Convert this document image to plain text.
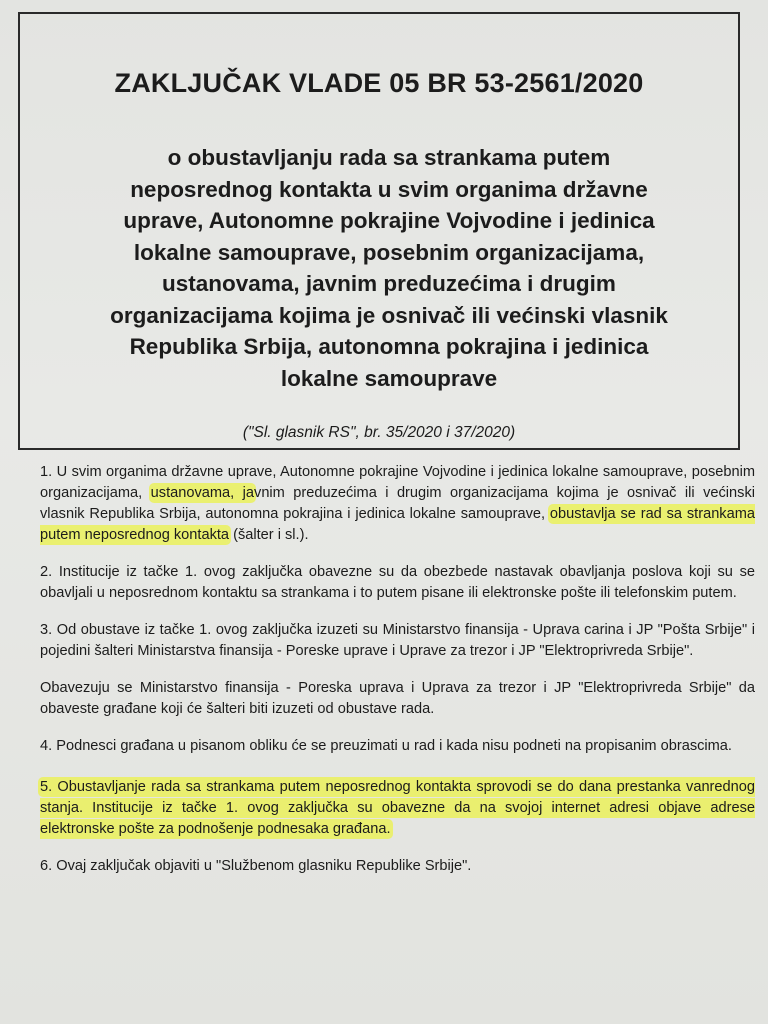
ZAKLJUČAK VLADE 05 BR 53-2561/2020
o obustavljanju rada sa strankama putem
neposrednog kontakta u svim organima državne
uprave, Autonomne pokrajine Vojvodine i jedinica
lokalne samouprave, posebnim organizacijama,
ustanovama, javnim preduzećima i drugim
organizacijama kojima je osnivač ili većinski vlasnik
Republika Srbija, autonomna pokrajina i jedinica
lokalne samouprave
("Sl. glasnik RS", br. 35/2020 i 37/2020)

1. U svim organima državne uprave, Autonomne pokrajine Vojvodine i jedinica lokalne samouprave, posebnim organizacijama, ustanovama, javnim preduzećima i drugim organizacijama kojima je osnivač ili većinski vlasnik Republika Srbija, autonomna pokrajina i jedinica lokalne samouprave, obustavlja se rad sa strankama putem neposrednog kontakta (šalter i sl.).

2. Institucije iz tačke 1. ovog zaključka obavezne su da obezbede nastavak obavljanja poslova koji su se obavljali u neposrednom kontaktu sa strankama i to putem pisane ili elektronske pošte ili telefonskim putem.

3. Od obustave iz tačke 1. ovog zaključka izuzeti su Ministarstvo finansija - Uprava carina i JP "Pošta Srbije" i pojedini šalteri Ministarstva finansija - Poreske uprave i Uprave za trezor i JP "Elektroprivreda Srbije".

Obavezuju se Ministarstvo finansija - Poreska uprava i Uprava za trezor i JP "Elektroprivreda Srbije" da obaveste građane koji će šalteri biti izuzeti od obustave rada.

4. Podnesci građana u pisanom obliku će se preuzimati u rad i kada nisu podneti na propisanim obrascima.

5. Obustavljanje rada sa strankama putem neposrednog kontakta sprovodi se do dana prestanka vanrednog stanja. Institucije iz tačke 1. ovog zaključka su obavezne da na svojoj internet adresi objave adrese elektronske pošte za podnošenje podnesaka građana.

6. Ovaj zaključak objaviti u "Službenom glasniku Republike Srbije".
